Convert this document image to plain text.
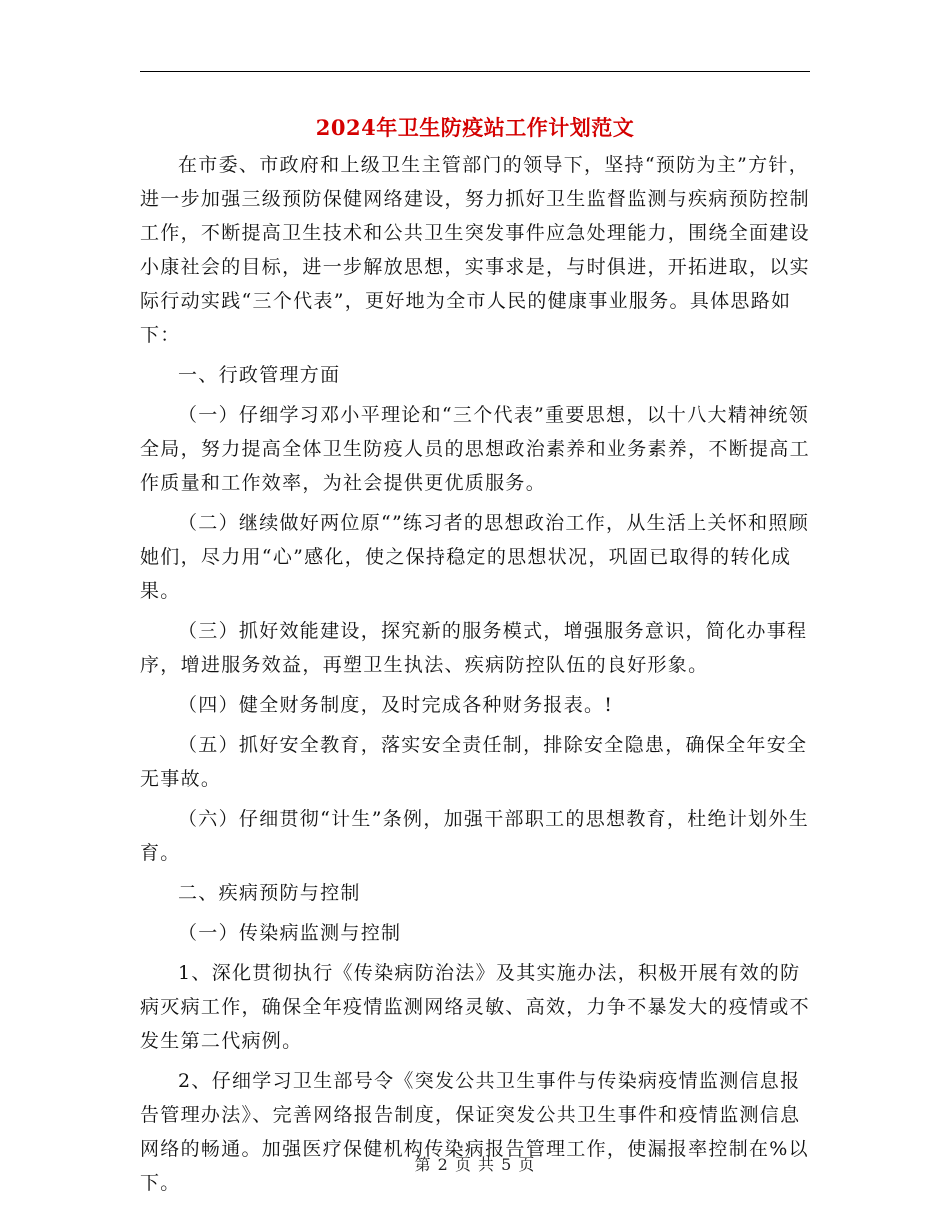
2024年卫生防疫站工作计划范文

在市委、市政府和上级卫生主管部门的领导下，坚持“预防为主”方针，进一步加强三级预防保健网络建设，努力抓好卫生监督监测与疾病预防控制工作，不断提高卫生技术和公共卫生突发事件应急处理能力，围绕全面建设小康社会的目标，进一步解放思想，实事求是，与时俱进，开拓进取，以实际行动实践“三个代表”，更好地为全市人民的健康事业服务。具体思路如下：

一、行政管理方面

（一）仔细学习邓小平理论和“三个代表”重要思想，以十八大精神统领全局，努力提高全体卫生防疫人员的思想政治素养和业务素养，不断提高工作质量和工作效率，为社会提供更优质服务。

（二）继续做好两位原“”练习者的思想政治工作，从生活上关怀和照顾她们，尽力用“心”感化，使之保持稳定的思想状况，巩固已取得的转化成果。

（三）抓好效能建设，探究新的服务模式，增强服务意识，简化办事程序，增进服务效益，再塑卫生执法、疾病防控队伍的良好形象。

（四）健全财务制度，及时完成各种财务报表。!

（五）抓好安全教育，落实安全责任制，排除安全隐患，确保全年安全无事故。

（六）仔细贯彻“计生”条例，加强干部职工的思想教育，杜绝计划外生育。

二、疾病预防与控制

（一）传染病监测与控制

1、深化贯彻执行《传染病防治法》及其实施办法，积极开展有效的防病灭病工作，确保全年疫情监测网络灵敏、高效，力争不暴发大的疫情或不发生第二代病例。

2、仔细学习卫生部号令《突发公共卫生事件与传染病疫情监测信息报告管理办法》、完善网络报告制度，保证突发公共卫生事件和疫情监测信息网络的畅通。加强医疗保健机构传染病报告管理工作，使漏报率控制在%以下。

第 2 页 共 5 页
